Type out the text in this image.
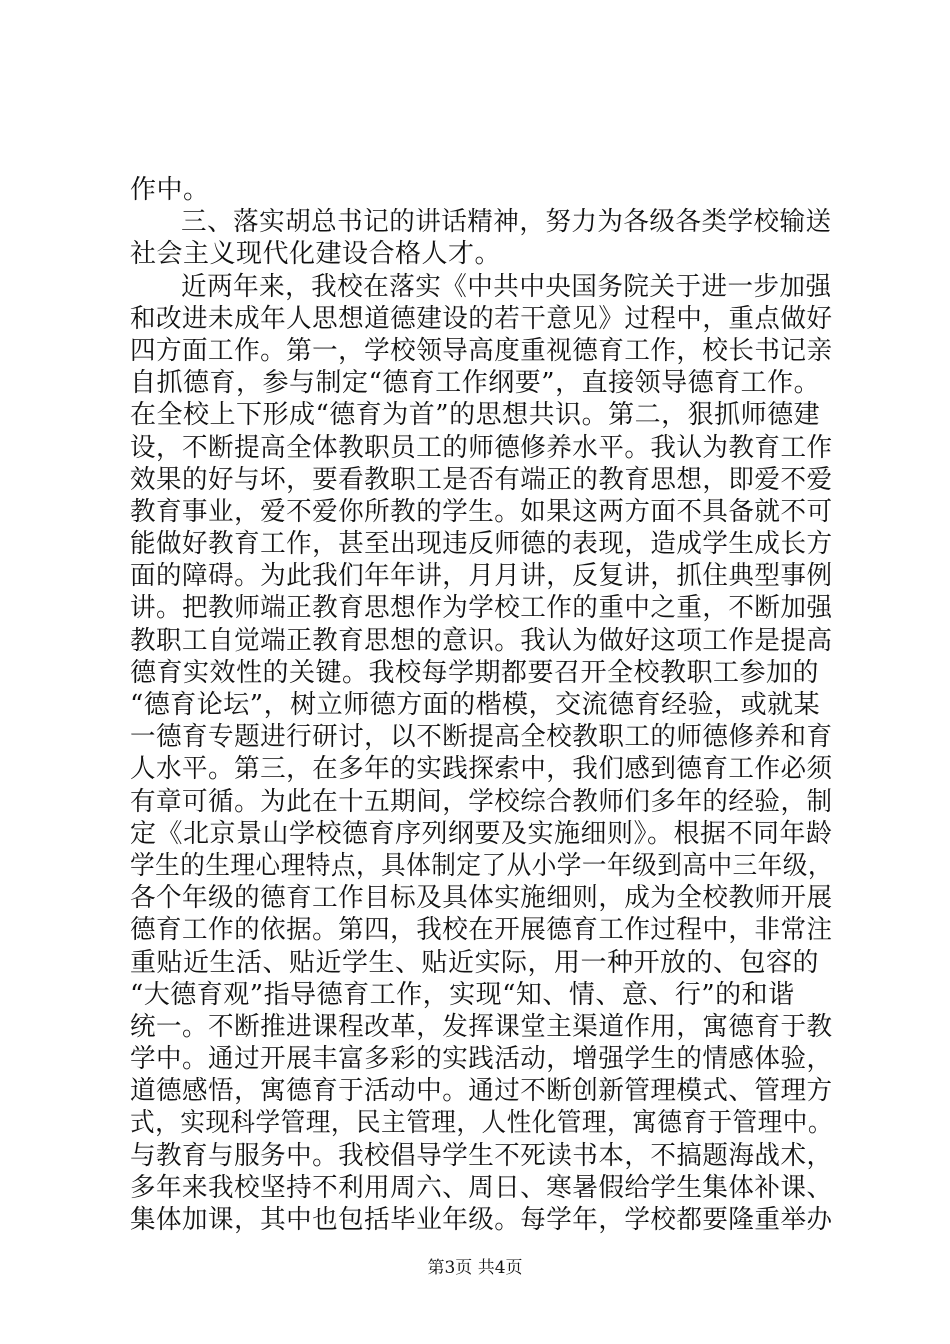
作中。
三、落实胡总书记的讲话精神，努力为各级各类学校输送
社会主义现代化建设合格人才。
近两年来，我校在落实《中共中央国务院关于进一步加强
和改进未成年人思想道德建设的若干意见》过程中，重点做好
四方面工作。第一，学校领导高度重视德育工作，校长书记亲
自抓德育，参与制定“德育工作纲要”，直接领导德育工作。
在全校上下形成“德育为首”的思想共识。第二，狠抓师德建
设，不断提高全体教职员工的师德修养水平。我认为教育工作
效果的好与坏，要看教职工是否有端正的教育思想，即爱不爱
教育事业，爱不爱你所教的学生。如果这两方面不具备就不可
能做好教育工作，甚至出现违反师德的表现，造成学生成长方
面的障碍。为此我们年年讲，月月讲，反复讲，抓住典型事例
讲。把教师端正教育思想作为学校工作的重中之重，不断加强
教职工自觉端正教育思想的意识。我认为做好这项工作是提高
德育实效性的关键。我校每学期都要召开全校教职工参加的
“德育论坛”，树立师德方面的楷模，交流德育经验，或就某
一德育专题进行研讨，以不断提高全校教职工的师德修养和育
人水平。第三，在多年的实践探索中，我们感到德育工作必须
有章可循。为此在十五期间，学校综合教师们多年的经验，制
定《北京景山学校德育序列纲要及实施细则》。根据不同年龄
学生的生理心理特点，具体制定了从小学一年级到高中三年级，
各个年级的德育工作目标及具体实施细则，成为全校教师开展
德育工作的依据。第四，我校在开展德育工作过程中，非常注
重贴近生活、贴近学生、贴近实际，用一种开放的、包容的
“大德育观”指导德育工作，实现“知、情、意、行”的和谐
统一。不断推进课程改革，发挥课堂主渠道作用，寓德育于教
学中。通过开展丰富多彩的实践活动，增强学生的情感体验，
道德感悟，寓德育于活动中。通过不断创新管理模式、管理方
式，实现科学管理，民主管理，人性化管理，寓德育于管理中。
与教育与服务中。我校倡导学生不死读书本，不搞题海战术，
多年来我校坚持不利用周六、周日、寒暑假给学生集体补课、
集体加课，其中也包括毕业年级。每学年，学校都要隆重举办
第3页 共4页
